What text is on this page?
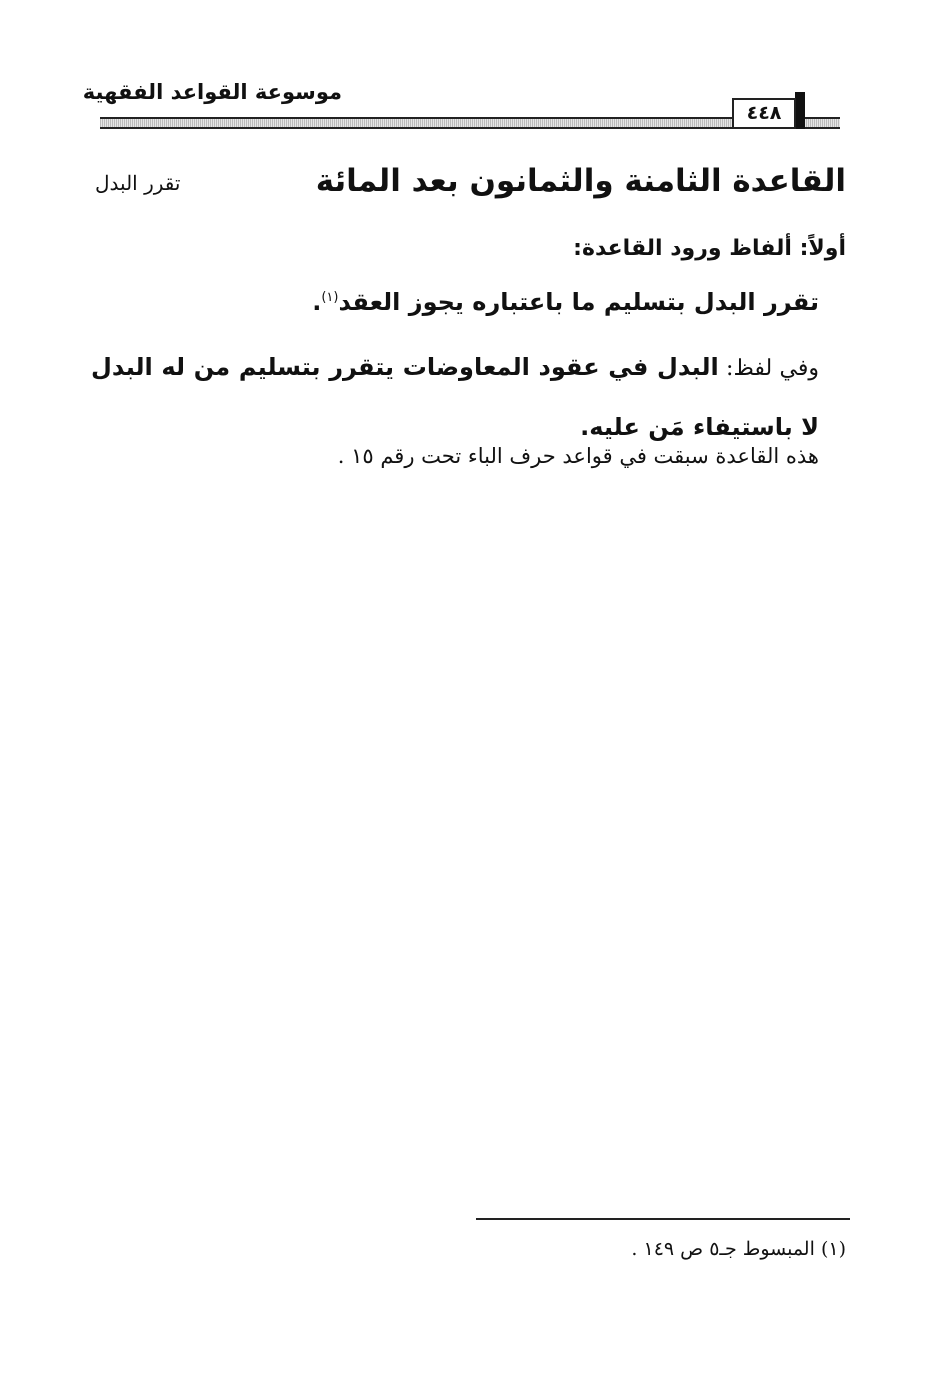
موسوعة القواعد الفقهية
٤٤٨
القاعدة الثامنة والثمانون بعد المائة
تقرر البدل
أولاً: ألفاظ ورود القاعدة:
تقرر البدل بتسليم ما باعتباره يجوز العقد$^{(١)}$.
وفي لفظ: البدل في عقود المعاوضات يتقرر بتسليم من له البدل لا باستيفاء مَن عليه.
هذه القاعدة سبقت في قواعد حرف الباء تحت رقم ١٥ .
(١) المبسوط جـ٥ ص ١٤٩ .
